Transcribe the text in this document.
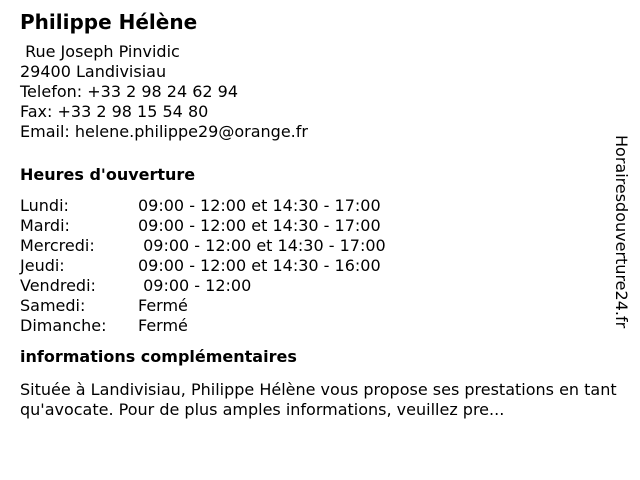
Philippe Hélène
Rue Joseph Pinvidic
29400 Landivisiau
Telefon: +33 2 98 24 62 94
Fax: +33 2 98 15 54 80
Email: helene.philippe29@orange.fr
Heures d'ouverture
Lundi:	09:00 - 12:00 et 14:30 - 17:00
Mardi:	09:00 - 12:00 et 14:30 - 17:00
Mercredi:	09:00 - 12:00 et 14:30 - 17:00
Jeudi:	09:00 - 12:00 et 14:30 - 16:00
Vendredi:	09:00 - 12:00
Samedi:	Fermé
Dimanche:	Fermé
informations complémentaires
Située à Landivisiau, Philippe Hélène vous propose ses prestations en tant qu'avocate. Pour de plus amples informations, veuillez pre...
Horairesdouverture24.fr
